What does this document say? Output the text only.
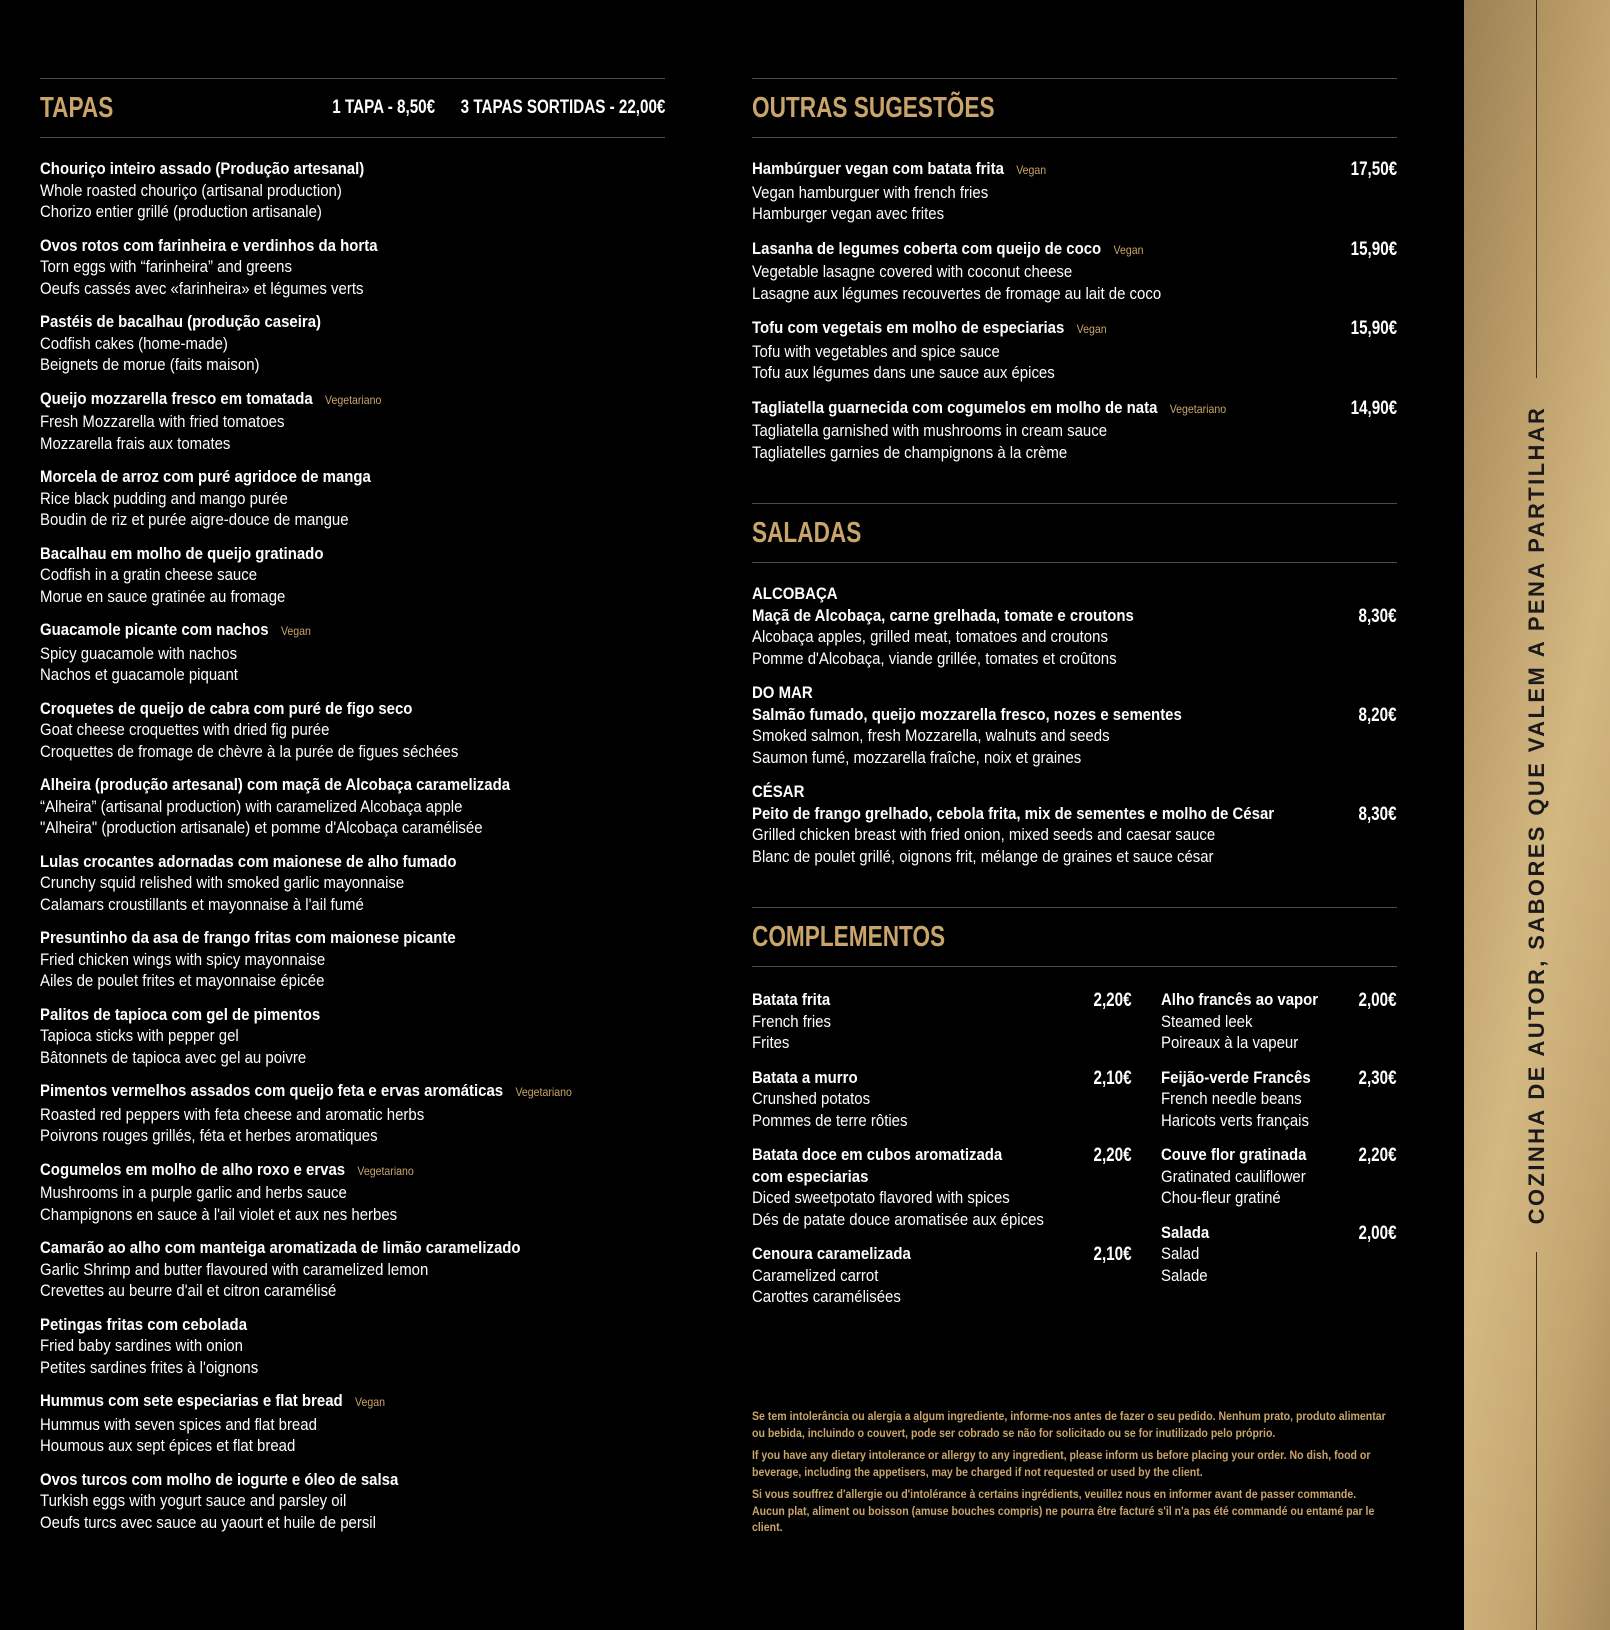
TAPAS	1 TAPA - 8,50€ 3 TAPAS SORTIDAS - 22,00€
Chouriço inteiro assado (Produção artesanal)
Whole roasted chouriço (artisanal production)
Chorizo entier grillé (production artisanale)
Ovos rotos com farinheira e verdinhos da horta
Torn eggs with “farinheira” and greens
Oeufs cassés avec «farinheira» et légumes verts
Pastéis de bacalhau (produção caseira)
Codfish cakes (home-made)
Beignets de morue (faits maison)
Queijo mozzarella fresco em tomatada Vegetariano
Fresh Mozzarella with fried tomatoes
Mozzarella frais aux tomates
Morcela de arroz com puré agridoce de manga
Rice black pudding and mango purée
Boudin de riz et purée aigre-douce de mangue
Bacalhau em molho de queijo gratinado
Codfish in a gratin cheese sauce
Morue en sauce gratinée au fromage
Guacamole picante com nachos Vegan
Spicy guacamole with nachos
Nachos et guacamole piquant
Croquetes de queijo de cabra com puré de figo seco
Goat cheese croquettes with dried fig purée
Croquettes de fromage de chèvre à la purée de figues séchées
Alheira (produção artesanal) com maçã de Alcobaça caramelizada
“Alheira” (artisanal production) with caramelized Alcobaça apple
"Alheira" (production artisanale) et pomme d'Alcobaça caramélisée
Lulas crocantes adornadas com maionese de alho fumado
Crunchy squid relished with smoked garlic mayonnaise
Calamars croustillants et mayonnaise à l'ail fumé
Presuntinho da asa de frango fritas com maionese picante
Fried chicken wings with spicy mayonnaise
Ailes de poulet frites et mayonnaise épicée
Palitos de tapioca com gel de pimentos
Tapioca sticks with pepper gel
Bâtonnets de tapioca avec gel au poivre
Pimentos vermelhos assados com queijo feta e ervas aromáticas Vegetariano
Roasted red peppers with feta cheese and aromatic herbs
Poivrons rouges grillés, féta et herbes aromatiques
Cogumelos em molho de alho roxo e ervas Vegetariano
Mushrooms in a purple garlic and herbs sauce
Champignons en sauce à l'ail violet et aux nes herbes
Camarão ao alho com manteiga aromatizada de limão caramelizado
Garlic Shrimp and butter flavoured with caramelized lemon
Crevettes au beurre d'ail et citron caramélisé
Petingas fritas com cebolada
Fried baby sardines with onion
Petites sardines frites à l'oignons
Hummus com sete especiarias e flat bread Vegan
Hummus with seven spices and flat bread
Houmous aux sept épices et flat bread
Ovos turcos com molho de iogurte e óleo de salsa
Turkish eggs with yogurt sauce and parsley oil
Oeufs turcs avec sauce au yaourt et huile de persil
OUTRAS SUGESTÕES
Hambúrguer vegan com batata frita Vegan
Vegan hamburguer with french fries
Hamburger vegan avec frites
17,50€
Lasanha de legumes coberta com queijo de coco Vegan
Vegetable lasagne covered with coconut cheese
Lasagne aux légumes recouvertes de fromage au lait de coco
15,90€
Tofu com vegetais em molho de especiarias Vegan
Tofu with vegetables and spice sauce
Tofu aux légumes dans une sauce aux épices
15,90€
Tagliatella guarnecida com cogumelos em molho de nata Vegetariano
Tagliatella garnished with mushrooms in cream sauce
Tagliatelles garnies de champignons à la crème
14,90€
SALADAS
ALCOBAÇA
Maçã de Alcobaça, carne grelhada, tomate e croutons
Alcobaça apples, grilled meat, tomatoes and croutons
Pomme d'Alcobaça, viande grillée, tomates et croûtons
8,30€
DO MAR
Salmão fumado, queijo mozzarella fresco, nozes e sementes
Smoked salmon, fresh Mozzarella, walnuts and seeds
Saumon fumé, mozzarella fraîche, noix et graines
8,20€
CÉSAR
Peito de frango grelhado, cebola frita, mix de sementes e molho de César
Grilled chicken breast with fried onion, mixed seeds and caesar sauce
Blanc de poulet grillé, oignons frit, mélange de graines et sauce césar
8,30€
COMPLEMENTOS
Batata frita
French fries
Frites
2,20€
Batata a murro
Crunshed potatos
Pommes de terre rôties
2,10€
Batata doce em cubos aromatizada
com especiarias
Diced sweetpotato flavored with spices
Dés de patate douce aromatisée aux épices
2,20€
Cenoura caramelizada
Caramelized carrot
Carottes caramélisées
2,10€
Alho francês ao vapor
Steamed leek
Poireaux à la vapeur
2,00€
Feijão-verde Francês
French needle beans
Haricots verts français
2,30€
Couve flor gratinada
Gratinated cauliflower
Chou-fleur gratiné
2,20€
Salada
Salad
Salade
2,00€

Se tem intolerância ou alergia a algum ingrediente, informe-nos antes de fazer o seu pedido. Nenhum prato, produto alimentar ou bebida, incluindo o couvert, pode ser cobrado se não for solicitado ou se for inutilizado pelo próprio.

If you have any dietary intolerance or allergy to any ingredient, please inform us before placing your order. No dish, food or beverage, including the appetisers, may be charged if not requested or used by the client.

Si vous souffrez d'allergie ou d'intolérance à certains ingrédients, veuillez nous en informer avant de passer commande. Aucun plat, aliment ou boisson (amuse bouches compris) ne pourra être facturé s'il n'a pas été commandé ou entamé par le client.

COZINHA DE AUTOR, SABORES QUE VALEM A PENA PARTILHAR
